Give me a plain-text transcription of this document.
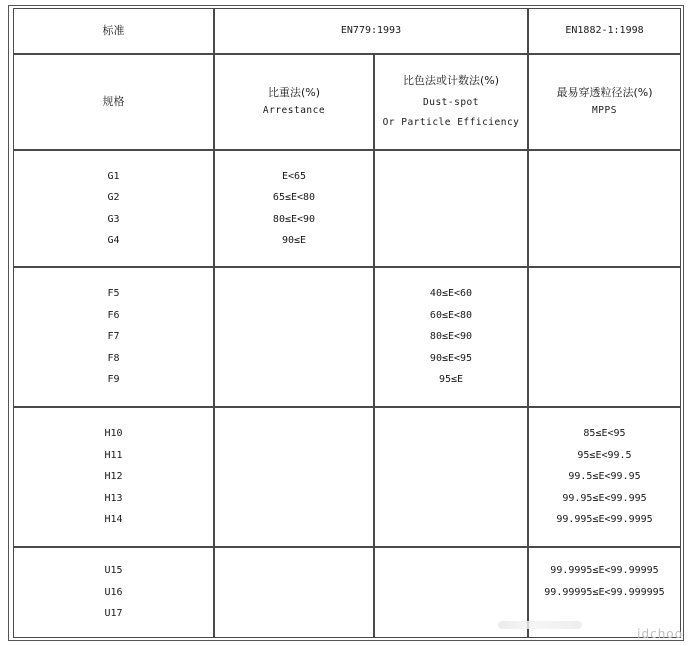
标准	EN779:1993	EN1882-1:1998
规格
比重法(%)
Arrestance
比色法或计数法(%)
Dust-spot
Or Particle Efficiency
最易穿透粒径法(%)
MPPS
G1
G2
G3
G4
E<65
65≤E<80
80≤E<90
90≤E
F5
F6
F7
F8
F9
40≤E<60
60≤E<80
80≤E<90
90≤E<95
95≤E
H10
H11
H12
H13
H14
85≤E<95
95≤E<99.5
99.5≤E<99.95
99.95≤E<99.995
99.995≤E<99.9995
U15
U16
U17
99.9995≤E<99.99995
99.99995≤E<99.999995
idchoo
